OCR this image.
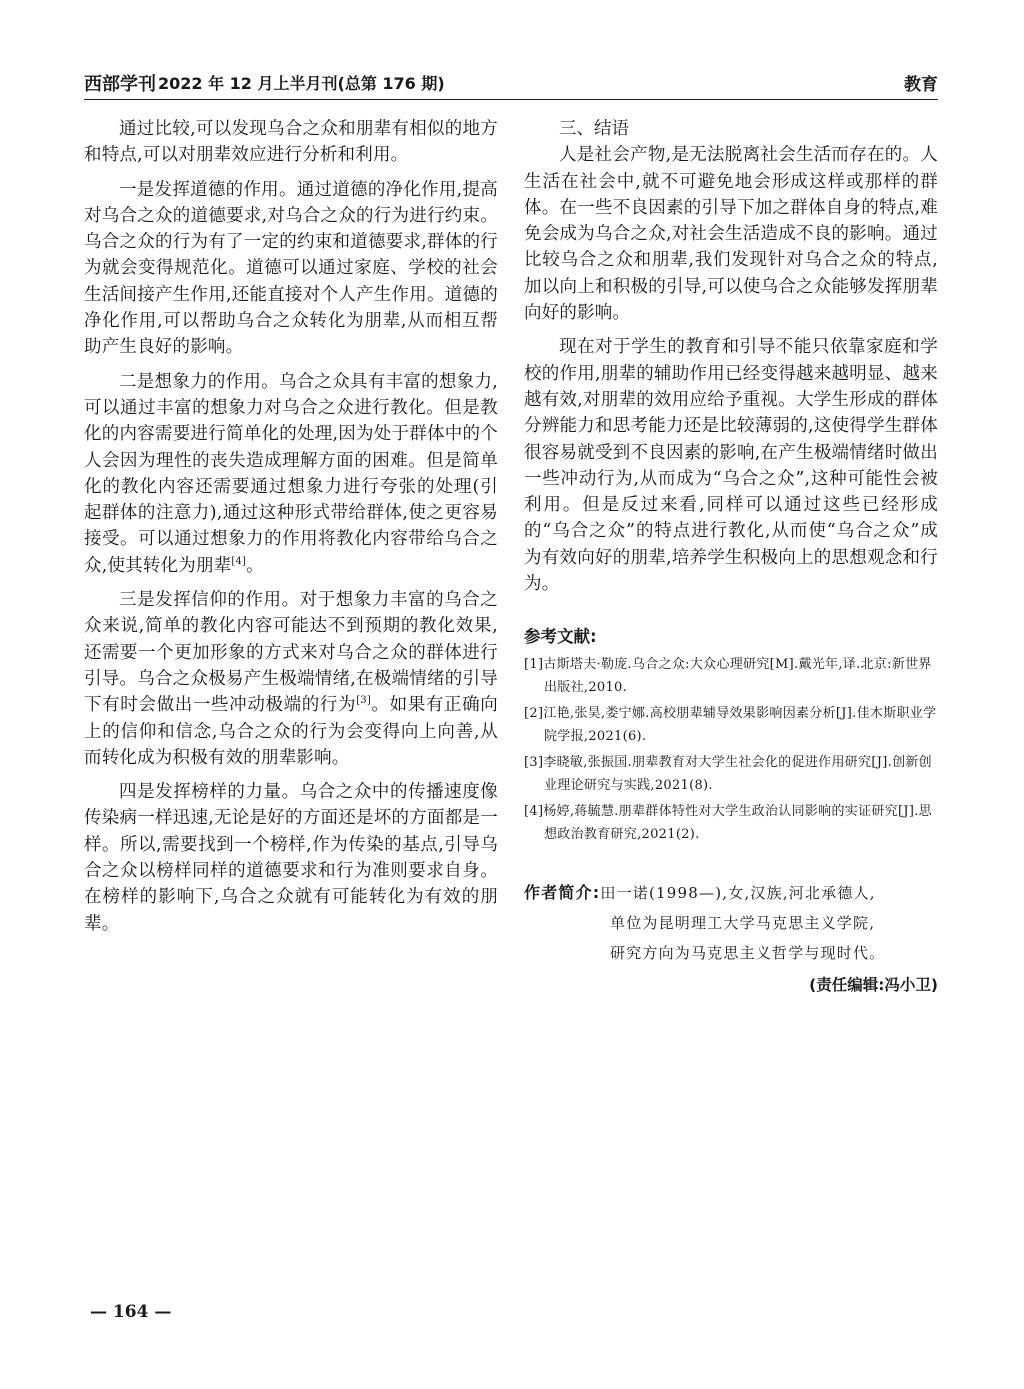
西部学刊 2022 年 12 月上半月刊(总第 176 期)	教育

通过比较,可以发现乌合之众和朋辈有相似的地方和特点,可以对朋辈效应进行分析和利用。

一是发挥道德的作用。通过道德的净化作用,提高对乌合之众的道德要求,对乌合之众的行为进行约束。乌合之众的行为有了一定的约束和道德要求,群体的行为就会变得规范化。道德可以通过家庭、学校的社会生活间接产生作用,还能直接对个人产生作用。道德的净化作用,可以帮助乌合之众转化为朋辈,从而相互帮助产生良好的影响。

二是想象力的作用。乌合之众具有丰富的想象力,可以通过丰富的想象力对乌合之众进行教化。但是教化的内容需要进行简单化的处理,因为处于群体中的个人会因为理性的丧失造成理解方面的困难。但是简单化的教化内容还需要通过想象力进行夸张的处理(引起群体的注意力),通过这种形式带给群体,使之更容易接受。可以通过想象力的作用将教化内容带给乌合之众,使其转化为朋辈[4]。

三是发挥信仰的作用。对于想象力丰富的乌合之众来说,简单的教化内容可能达不到预期的教化效果,还需要一个更加形象的方式来对乌合之众的群体进行引导。乌合之众极易产生极端情绪,在极端情绪的引导下有时会做出一些冲动极端的行为[3]。如果有正确向上的信仰和信念,乌合之众的行为会变得向上向善,从而转化成为积极有效的朋辈影响。

四是发挥榜样的力量。乌合之众中的传播速度像传染病一样迅速,无论是好的方面还是坏的方面都是一样。所以,需要找到一个榜样,作为传染的基点,引导乌合之众以榜样同样的道德要求和行为准则要求自身。在榜样的影响下,乌合之众就有可能转化为有效的朋辈。

三、结语

人是社会产物,是无法脱离社会生活而存在的。人生活在社会中,就不可避免地会形成这样或那样的群体。在一些不良因素的引导下加之群体自身的特点,难免会成为乌合之众,对社会生活造成不良的影响。通过比较乌合之众和朋辈,我们发现针对乌合之众的特点,加以向上和积极的引导,可以使乌合之众能够发挥朋辈向好的影响。

现在对于学生的教育和引导不能只依靠家庭和学校的作用,朋辈的辅助作用已经变得越来越明显、越来越有效,对朋辈的效用应给予重视。大学生形成的群体分辨能力和思考能力还是比较薄弱的,这使得学生群体很容易就受到不良因素的影响,在产生极端情绪时做出一些冲动行为,从而成为“乌合之众”,这种可能性会被利用。但是反过来看,同样可以通过这些已经形成的“乌合之众”的特点进行教化,从而使“乌合之众”成为有效向好的朋辈,培养学生积极向上的思想观念和行为。

参考文献:
[1]古斯塔夫·勒庞.乌合之众:大众心理研究[M].戴光年,译.北京:新世界出版社,2010.
[2]江艳,张昊,娄宁娜.高校朋辈辅导效果影响因素分析[J].佳木斯职业学院学报,2021(6).
[3]李晓敏,张振国.朋辈教育对大学生社会化的促进作用研究[J].创新创业理论研究与实践,2021(8).
[4]杨婷,蒋毓慧.朋辈群体特性对大学生政治认同影响的实证研究[J].思想政治教育研究,2021(2).
作者简介:田一诺(1998—),女,汉族,河北承德人,
单位为昆明理工大学马克思主义学院,
研究方向为马克思主义哲学与现时代。
(责任编辑:冯小卫)
— 164 —
